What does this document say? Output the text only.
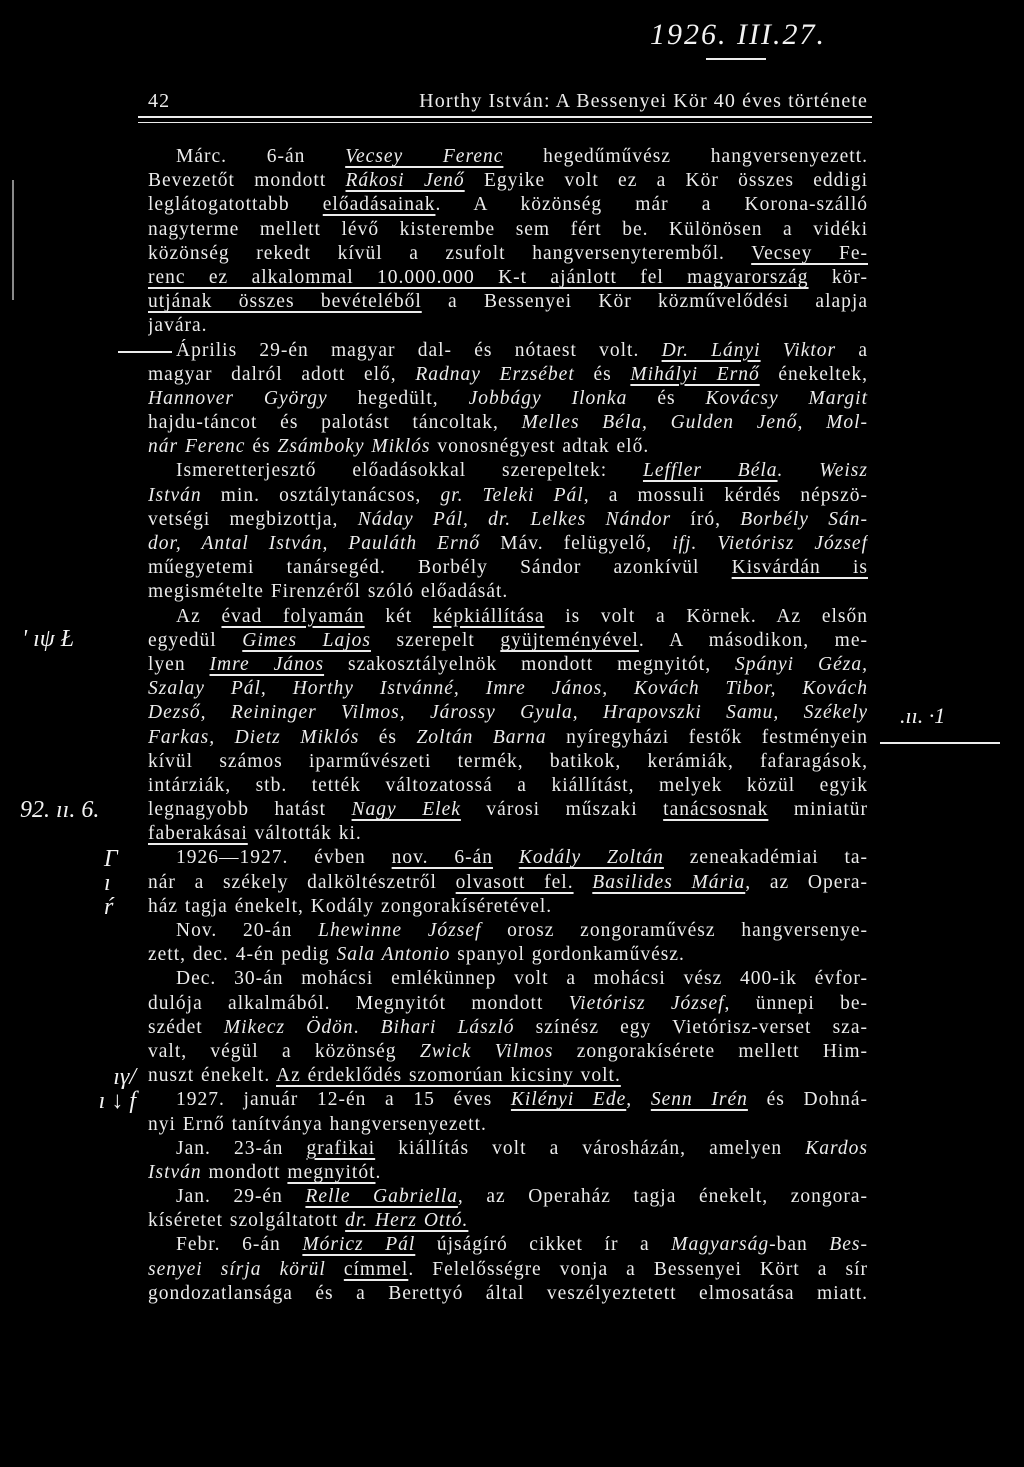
1926. III.27.
42	Horthy István: A Bessenyei Kör 40 éves története
Márc. 6-án Vecsey Ferenc hegedűművész hangversenyezett.
Bevezetőt mondott Rákosi Jenő Egyike volt ez a Kör összes eddigi
leglátogatottabb előadásainak. A közönség már a Korona-szálló
nagyterme mellett lévő kisterembe sem fért be. Különösen a vidéki
közönség rekedt kívül a zsufolt hangversenyteremből. Vecsey Fe-
renc ez alkalommal 10.000.000 K-t ajánlott fel magyarország kör-
utjának összes bevételéből a Bessenyei Kör közművelődési alapja
javára.
Április 29-én magyar dal- és nótaest volt. Dr. Lányi Viktor a
magyar dalról adott elő, Radnay Erzsébet és Mihályi Ernő énekeltek,
Hannover György hegedült, Jobbágy Ilonka és Kovácsy Margit
hajdu-táncot és palotást táncoltak, Melles Béla, Gulden Jenő, Mol-
nár Ferenc és Zsámboky Miklós vonosnégyest adtak elő.
Ismeretterjesztő előadásokkal szerepeltek: Leffler Béla. Weisz
István min. osztálytanácsos, gr. Teleki Pál, a mossuli kérdés népszö-
vetségi megbizottja, Náday Pál, dr. Lelkes Nándor író, Borbély Sán-
dor, Antal István, Pauláth Ernő Máv. felügyelő, ifj. Vietórisz József
műegyetemi tanársegéd. Borbély Sándor azonkívül Kisvárdán is
megismételte Firenzéről szóló előadását.
Az évad folyamán két képkiállítása is volt a Körnek. Az elsőn
egyedül Gimes Lajos szerepelt gyüjteményével. A másodikon, me-
lyen Imre János szakosztályelnök mondott megnyitót, Spányi Géza,
Szalay Pál, Horthy Istvánné, Imre János, Kovách Tibor, Kovách
Dezső, Reininger Vilmos, Járossy Gyula, Hrapovszki Samu, Székely
Farkas, Dietz Miklós és Zoltán Barna nyíregyházi festők festményein
kívül számos iparművészeti termék, batikok, kerámiák, fafaragások,
intárziák, stb. tették változatossá a kiállítást, melyek közül egyik
legnagyobb hatást Nagy Elek városi műszaki tanácsosnak miniatür
faberakásai váltották ki.
1926—1927. évben nov. 6-án Kodály Zoltán zeneakadémiai ta-
nár a székely dalköltészetről olvasott fel. Basilides Mária, az Opera-
ház tagja énekelt, Kodály zongorakíséretével.
Nov. 20-án Lhewinne József orosz zongoraművész hangversenye-
zett, dec. 4-én pedig Sala Antonio spanyol gordonkaművész.
Dec. 30-án mohácsi emlékünnep volt a mohácsi vész 400-ik évfor-
dulója alkalmából. Megnyitót mondott Vietórisz József, ünnepi be-
szédet Mikecz Ödön. Bihari László színész egy Vietórisz-verset sza-
valt, végül a közönség Zwick Vilmos zongorakísérete mellett Him-
nuszt énekelt. Az érdeklődés szomorúan kicsiny volt.
1927. január 12-én a 15 éves Kilényi Ede, Senn Irén és Dohná-
nyi Ernő tanítványa hangversenyezett.
Jan. 23-án grafikai kiállítás volt a városházán, amelyen Kardos
István mondott megnyitót.
Jan. 29-én Relle Gabriella, az Operaház tagja énekelt, zongora-
kíséretet szolgáltatott dr. Herz Ottó.
Febr. 6-án Móricz Pál újságíró cikket ír a Magyarság-ban Bes-
senyei sírja körül címmel. Felelősségre vonja a Bessenyei Kört a sír
gondozatlansága és a Berettyó által veszélyeztetett elmosatása miatt.
' ıψ Ł
92. ıı. 6.
Γ
ı
ŕ
ıγ/
ı ↓ f
.ıı. ·1
